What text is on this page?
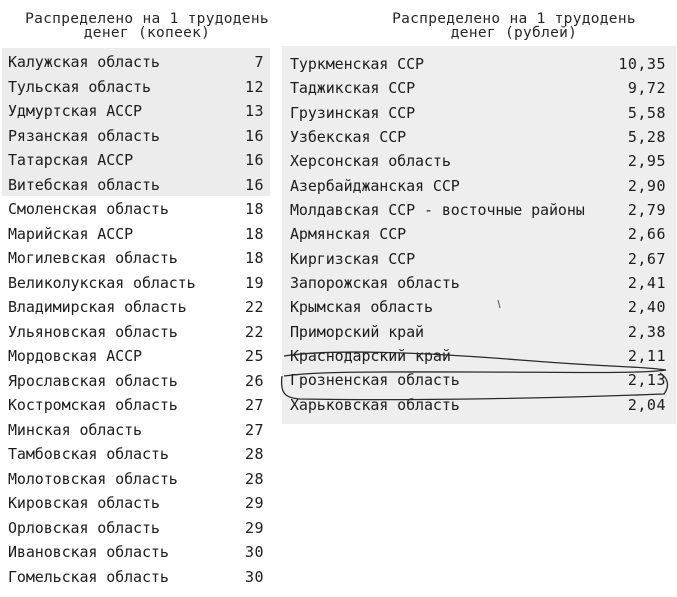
Распределено на 1 трудодень
денег (копеек)
Распределено на 1 трудодень
денег (рублей)
Калужская область	7
Тульская область	12
Удмуртская АССР	13
Рязанская область	16
Татарская АССР	16
Витебская область	16
Смоленская область	18
Марийская АССР	18
Могилевская область	18
Великолукская область	19
Владимирская область	22
Ульяновская область	22
Мордовская АССР	25
Ярославская область	26
Костромская область	27
Минская область	27
Тамбовская область	28
Молотовская область	28
Кировская область	29
Орловская область	29
Ивановская область	30
Гомельская область	30
Туркменская ССР	10,35
Таджикская ССР	9,72
Грузинская ССР	5,58
Узбекская ССР	5,28
Херсонская область	2,95
Азербайджанская ССР	2,90
Молдавская ССР - восточные районы	2,79
Армянская ССР	2,66
Киргизская ССР	2,67
Запорожская область	2,41
Крымская область	2,40
Приморский край	2,38
Краснодарский край	2,11
Грозненская область	2,13
Харьковская область	2,04
